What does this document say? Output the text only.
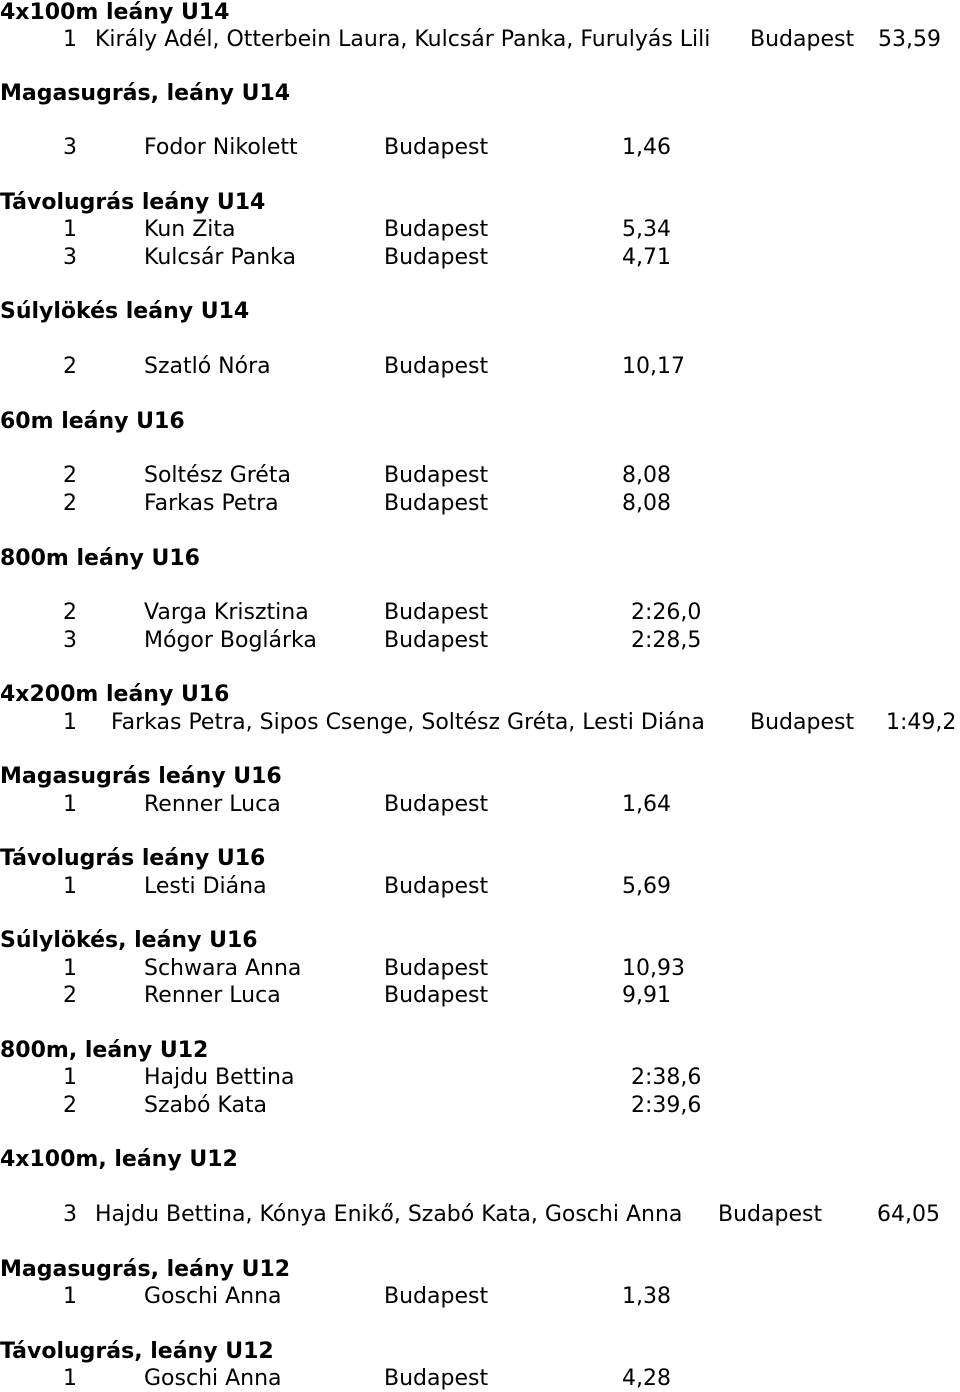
4x100m leány U14
1 Király Adél, Otterbein Laura, Kulcsár Panka, Furulyás Lili Budapest 53,59
Magasugrás, leány U14
3	Fodor Nikolett	Budapest	1,46
Távolugrás leány U14
1	Kun Zita	Budapest	5,34
3	Kulcsár Panka	Budapest	4,71
Súlylökés leány U14
2	Szatló Nóra	Budapest	10,17
60m leány U16
2	Soltész Gréta	Budapest	8,08
2	Farkas Petra	Budapest	8,08
800m leány U16
2	Varga Krisztina	Budapest	2:26,0
3	Mógor Boglárka	Budapest	2:28,5
4x200m leány U16
1 Farkas Petra, Sipos Csenge, Soltész Gréta, Lesti Diána Budapest 1:49,2
Magasugrás leány U16
1	Renner Luca	Budapest	1,64
Távolugrás leány U16
1	Lesti Diána	Budapest	5,69
Súlylökés, leány U16
1	Schwara Anna	Budapest	10,93
2	Renner Luca	Budapest	9,91
800m, leány U12
1	Hajdu Bettina	2:38,6
2	Szabó Kata	2:39,6
4x100m, leány U12
3 Hajdu Bettina, Kónya Enikő, Szabó Kata, Goschi Anna Budapest 64,05
Magasugrás, leány U12
1	Goschi Anna	Budapest	1,38
Távolugrás, leány U12
1	Goschi Anna	Budapest	4,28
